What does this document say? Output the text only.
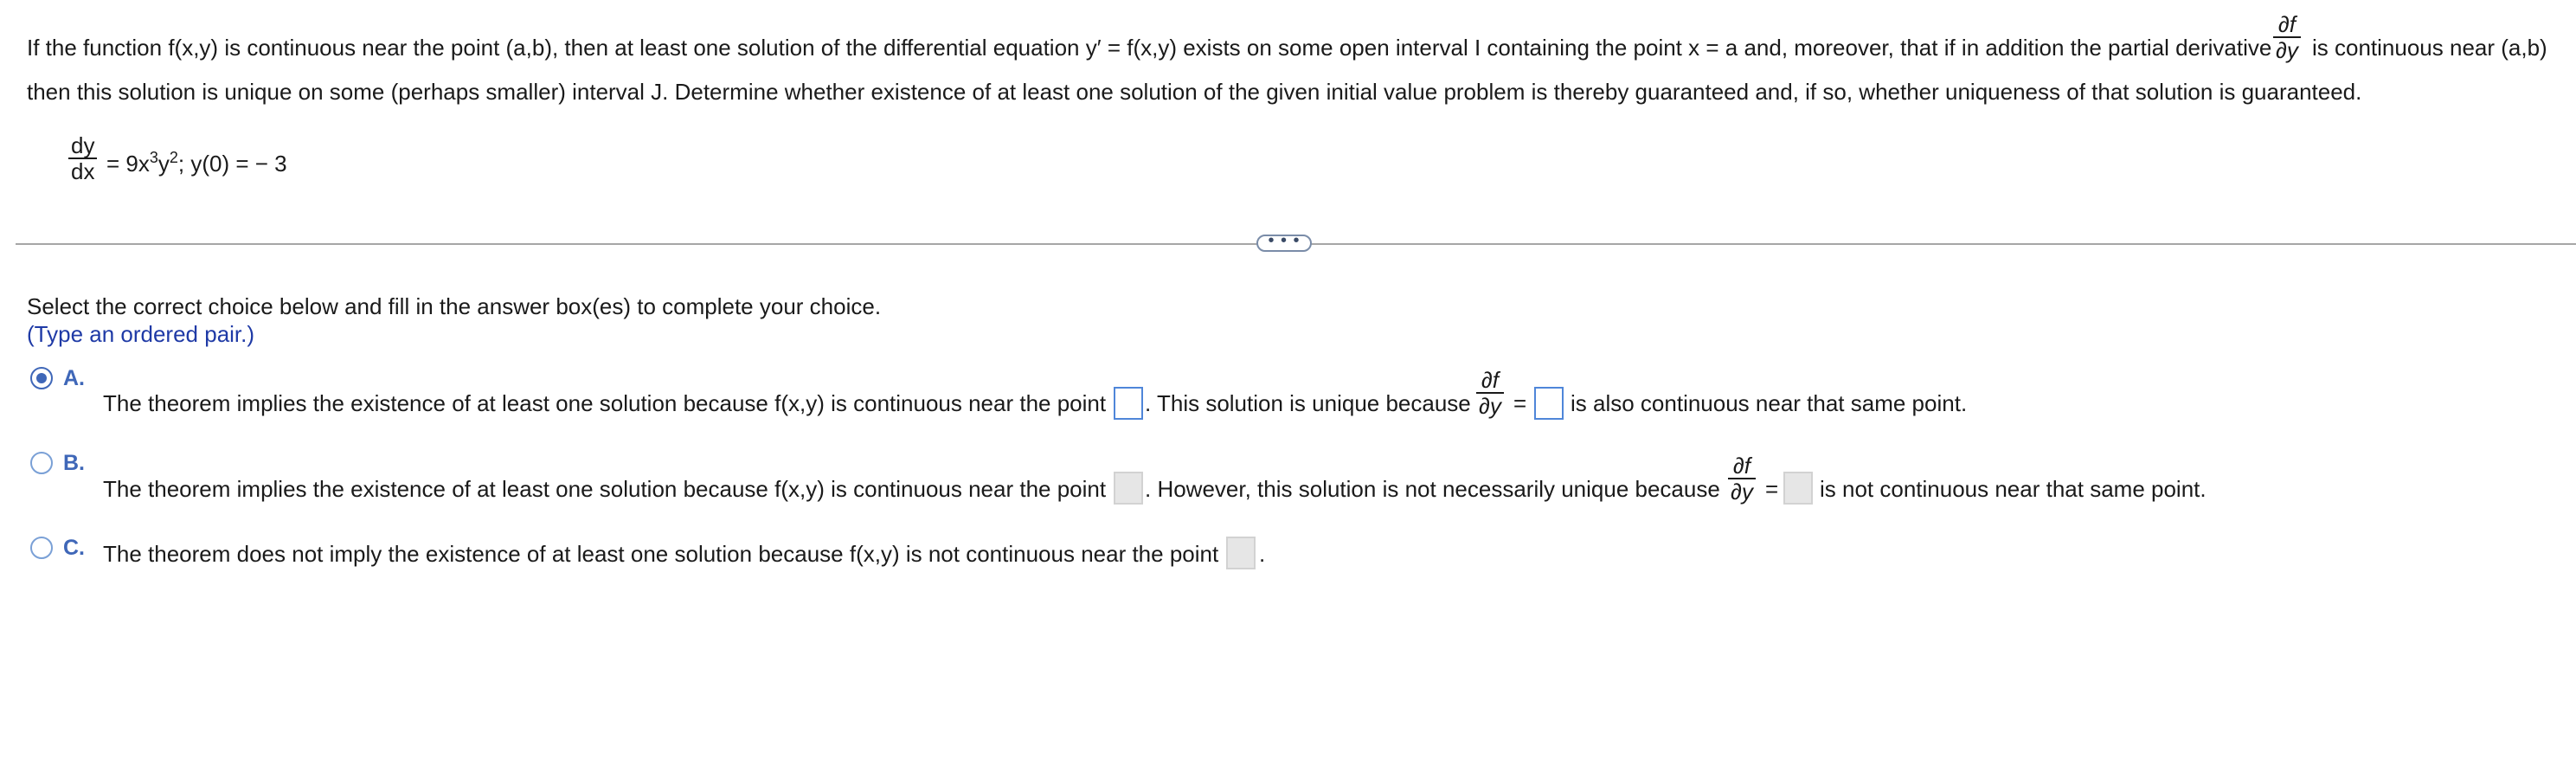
If the function f(x,y) is continuous near the point (a,b), then at least one solution of the differential equation y′ = f(x,y) exists on some open interval I containing the point x = a and, moreover, that if in addition the partial derivative
∂f
∂y is continuous near (a,b)
then this solution is unique on some (perhaps smaller) interval J. Determine whether existence of at least one solution of the given initial value problem is thereby guaranteed and, if so, whether uniqueness of that solution is guaranteed.
dy
dx = $9x^3y^2$; y(0) = − 3
• • •
Select the correct choice below and fill in the answer box(es) to complete your choice.
(Type an ordered pair.)
A.
The theorem implies the existence of at least one solution because f(x,y) is continuous near the point . This solution is unique because
∂f
∂y = is also continuous near that same point.
B.
The theorem implies the existence of at least one solution because f(x,y) is continuous near the point . However, this solution is not necessarily unique because
∂f
∂y = is not continuous near that same point.
C. The theorem does not imply the existence of at least one solution because f(x,y) is not continuous near the point .
